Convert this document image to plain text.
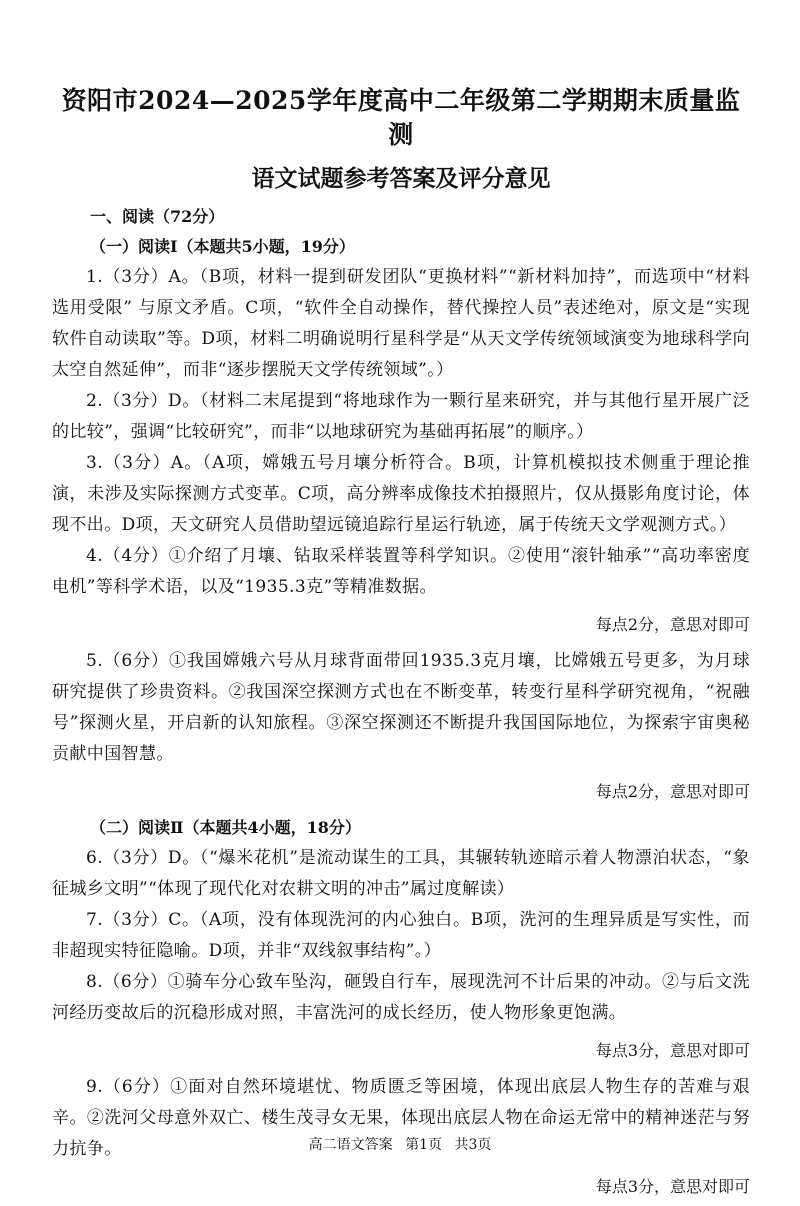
资阳市2024—2025学年度高中二年级第二学期期末质量监测
语文试题参考答案及评分意见
一、阅读（72分）
（一）阅读Ⅰ（本题共5小题，19分）

1.（3分）A。（B项，材料一提到研发团队“更换材料”“新材料加持”，而选项中“材料选用受限” 与原文矛盾。C项，“软件全自动操作，替代操控人员”表述绝对，原文是“实现软件自动读取”等。D项，材料二明确说明行星科学是“从天文学传统领域演变为地球科学向太空自然延伸”，而非“逐步摆脱天文学传统领域”。）

2.（3分）D。（材料二末尾提到“将地球作为一颗行星来研究，并与其他行星开展广泛的比较”，强调“比较研究”，而非“以地球研究为基础再拓展”的顺序。）

3.（3分）A。（A项，嫦娥五号月壤分析符合。B项，计算机模拟技术侧重于理论推演，未涉及实际探测方式变革。C项，高分辨率成像技术拍摄照片，仅从摄影角度讨论，体现不出。D项，天文研究人员借助望远镜追踪行星运行轨迹，属于传统天文学观测方式。）

4.（4分）①介绍了月壤、钻取采样装置等科学知识。②使用“滚针轴承”“高功率密度电机”等科学术语，以及“1935.3克”等精准数据。

每点2分，意思对即可

5.（6分）①我国嫦娥六号从月球背面带回1935.3克月壤，比嫦娥五号更多，为月球研究提供了珍贵资料。②我国深空探测方式也在不断变革，转变行星科学研究视角，“祝融号”探测火星，开启新的认知旅程。③深空探测还不断提升我国国际地位，为探索宇宙奥秘贡献中国智慧。

每点2分，意思对即可
（二）阅读Ⅱ（本题共4小题，18分）

6.（3分）D。（“爆米花机”是流动谋生的工具，其辗转轨迹暗示着人物漂泊状态，“象征城乡文明”“体现了现代化对农耕文明的冲击”属过度解读）

7.（3分）C。（A项，没有体现洗河的内心独白。B项，洗河的生理异质是写实性，而非超现实特征隐喻。D项，并非“双线叙事结构”。）

8.（6分）①骑车分心致车坠沟，砸毁自行车，展现洗河不计后果的冲动。②与后文洗河经历变故后的沉稳形成对照，丰富洗河的成长经历，使人物形象更饱满。

每点3分，意思对即可

9.（6分）①面对自然环境堪忧、物质匮乏等困境，体现出底层人物生存的苦难与艰辛。②洗河父母意外双亡、楼生茂寻女无果，体现出底层人物在命运无常中的精神迷茫与努力抗争。

每点3分，意思对即可
高二语文答案 第1页 共3页
